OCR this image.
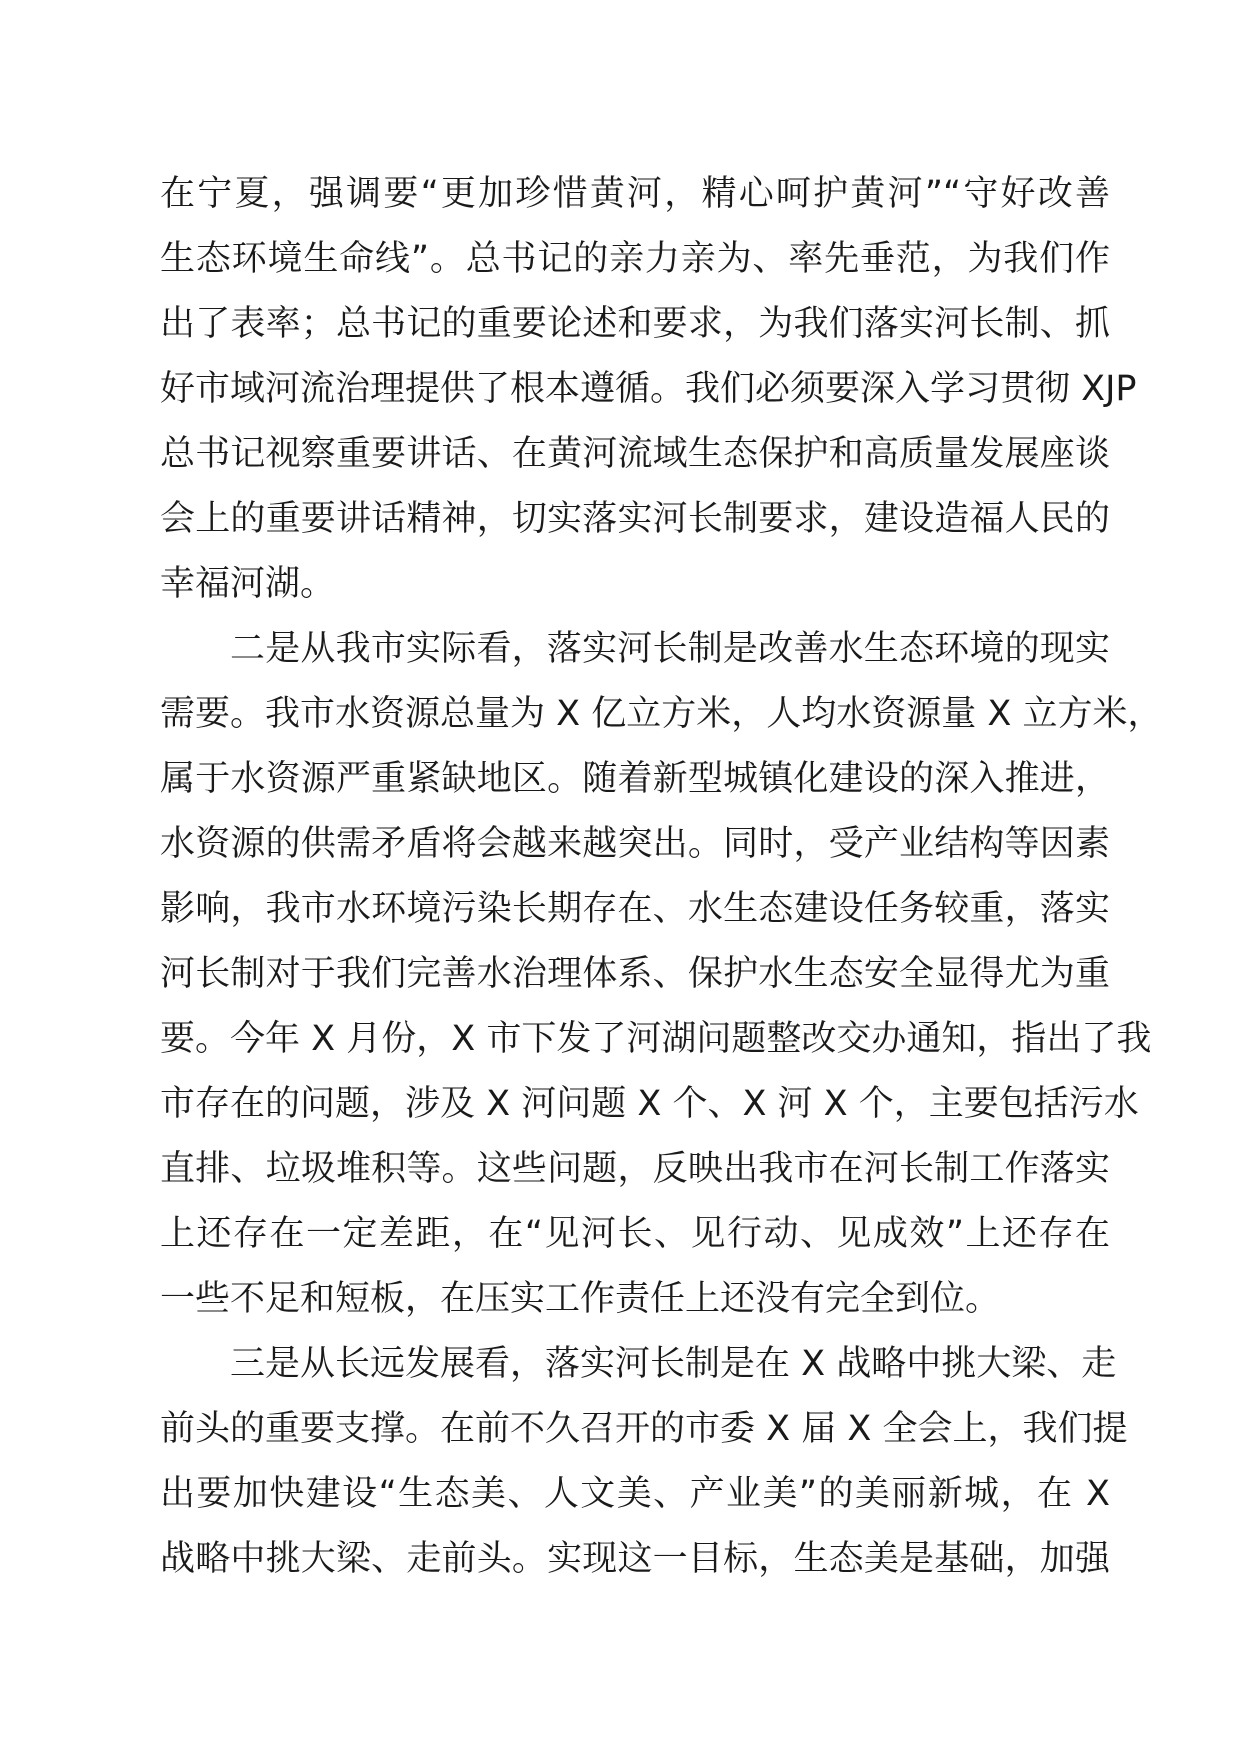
在宁夏，强调要“更加珍惜黄河，精心呵护黄河”“守好改善
生态环境生命线”。总书记的亲力亲为、率先垂范，为我们作
出了表率；总书记的重要论述和要求，为我们落实河长制、抓
好市域河流治理提供了根本遵循。我们必须要深入学习贯彻 XJP
总书记视察重要讲话、在黄河流域生态保护和高质量发展座谈
会上的重要讲话精神，切实落实河长制要求，建设造福人民的
幸福河湖。
二是从我市实际看，落实河长制是改善水生态环境的现实
需要。我市水资源总量为 X 亿立方米，人均水资源量 X 立方米，
属于水资源严重紧缺地区。随着新型城镇化建设的深入推进，
水资源的供需矛盾将会越来越突出。同时，受产业结构等因素
影响，我市水环境污染长期存在、水生态建设任务较重，落实
河长制对于我们完善水治理体系、保护水生态安全显得尤为重
要。今年 X 月份，X 市下发了河湖问题整改交办通知，指出了我
市存在的问题，涉及 X 河问题 X 个、X 河 X 个，主要包括污水
直排、垃圾堆积等。这些问题，反映出我市在河长制工作落实
上还存在一定差距，在“见河长、见行动、见成效”上还存在
一些不足和短板，在压实工作责任上还没有完全到位。
三是从长远发展看，落实河长制是在 X 战略中挑大梁、走
前头的重要支撑。在前不久召开的市委 X 届 X 全会上，我们提
出要加快建设“生态美、人文美、产业美”的美丽新城，在 X
战略中挑大梁、走前头。实现这一目标，生态美是基础，加强
